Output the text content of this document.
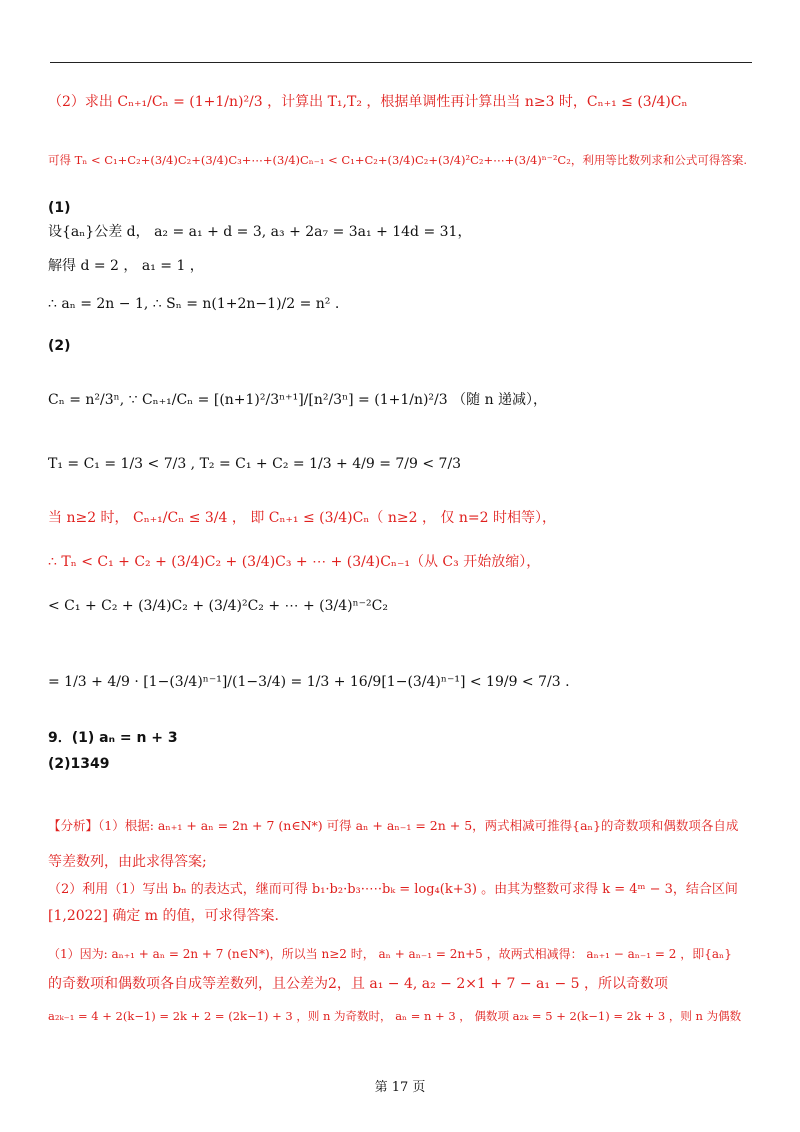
（2）求出 Cₙ₊₁/Cₙ = (1+1/n)²/3 ，计算出 T₁,T₂ ，根据单调性再计算出当 n≥3 时，Cₙ₊₁ ≤ (3/4)Cₙ
可得 Tₙ < C₁+C₂+(3/4)C₂+(3/4)C₃+⋯+(3/4)Cₙ₋₁ < C₁+C₂+(3/4)C₂+(3/4)²C₂+⋯+(3/4)ⁿ⁻²C₂，利用等比数列求和公式可得答案.
(1)
设{aₙ}公差 d， a₂ = a₁ + d = 3, a₃ + 2a₇ = 3a₁ + 14d = 31，
解得 d = 2 ， a₁ = 1 ，
∴ aₙ = 2n − 1, ∴ Sₙ = n(1+2n−1)/2 = n² .
(2)
Cₙ = n²/3ⁿ, ∵ Cₙ₊₁/Cₙ = [(n+1)²/3ⁿ⁺¹]/[n²/3ⁿ] = (1+1/n)²/3 （随 n 递减），
T₁ = C₁ = 1/3 < 7/3 , T₂ = C₁ + C₂ = 1/3 + 4/9 = 7/9 < 7/3
当 n≥2 时， Cₙ₊₁/Cₙ ≤ 3/4 ， 即 Cₙ₊₁ ≤ (3/4)Cₙ（ n≥2 ， 仅 n=2 时相等），
∴ Tₙ < C₁ + C₂ + (3/4)C₂ + (3/4)C₃ + ⋯ + (3/4)Cₙ₋₁（从 C₃ 开始放缩），
< C₁ + C₂ + (3/4)C₂ + (3/4)²C₂ + ⋯ + (3/4)ⁿ⁻²C₂
= 1/3 + 4/9 · [1−(3/4)ⁿ⁻¹]/(1−3/4) = 1/3 + 16/9[1−(3/4)ⁿ⁻¹] < 19/9 < 7/3 .
9．(1) aₙ = n + 3
(2)1349
【分析】（1）根据: aₙ₊₁ + aₙ = 2n + 7 (n∈N*) 可得 aₙ + aₙ₋₁ = 2n + 5，两式相减可推得{aₙ}的奇数项和偶数项各自成
等差数列，由此求得答案;
（2）利用（1）写出 bₙ 的表达式，继而可得 b₁·b₂·b₃·⋯·bₖ = log₄(k+3) 。由其为整数可求得 k = 4ᵐ − 3，结合区间
[1,2022] 确定 m 的值，可求得答案.
（1）因为: aₙ₊₁ + aₙ = 2n + 7 (n∈N*)，所以当 n≥2 时， aₙ + aₙ₋₁ = 2n+5 ，故两式相减得： aₙ₊₁ − aₙ₋₁ = 2 ，即{aₙ}
的奇数项和偶数项各自成等差数列，且公差为2，且 a₁ − 4, a₂ − 2×1 + 7 − a₁ − 5 ，所以奇数项
a₂ₖ₋₁ = 4 + 2(k−1) = 2k + 2 = (2k−1) + 3 ，则 n 为奇数时， aₙ = n + 3 ， 偶数项 a₂ₖ = 5 + 2(k−1) = 2k + 3 ，则 n 为偶数
第 17 页
